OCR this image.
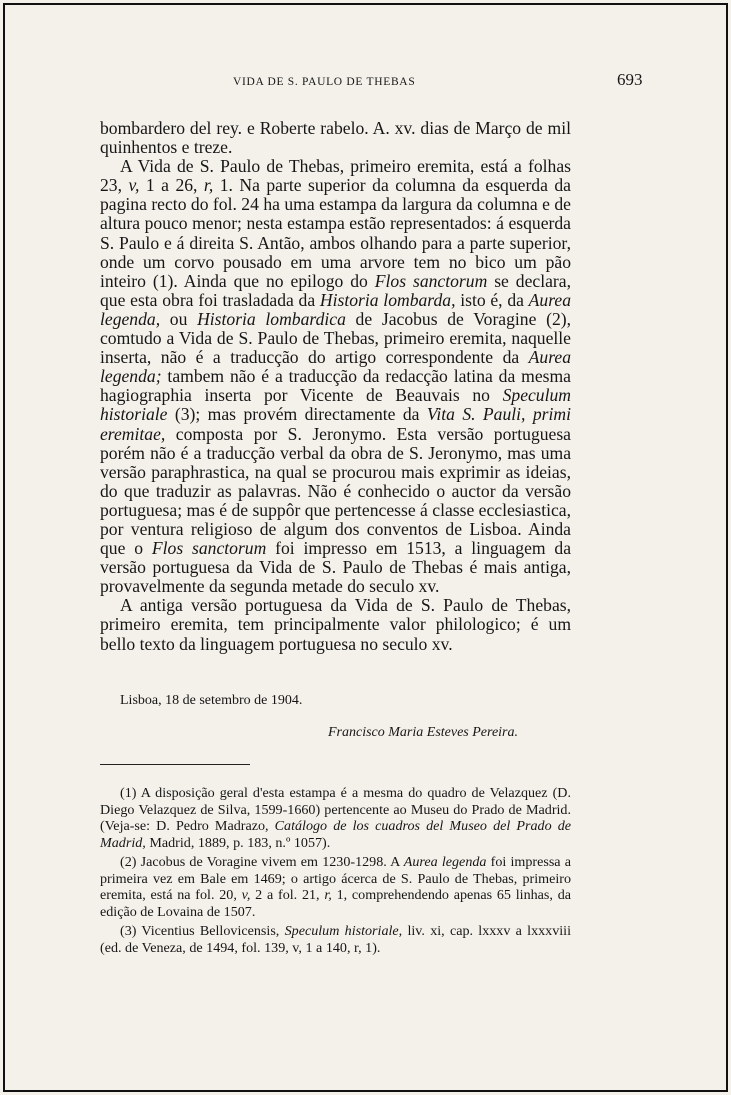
VIDA DE S. PAULO DE THEBAS	693

bombardero del rey. e Roberte rabelo. A. xv. dias de Março de mil quinhentos e treze.

A Vida de S. Paulo de Thebas, primeiro eremita, está a folhas 23, v, 1 a 26, r, 1. Na parte superior da columna da esquerda da pagina recto do fol. 24 ha uma estampa da largura da columna e de altura pouco menor; nesta estampa estão representados: á esquerda S. Paulo e á direita S. Antão, ambos olhando para a parte superior, onde um corvo pousado em uma arvore tem no bico um pão inteiro (1). Ainda que no epilogo do Flos sanctorum se declara, que esta obra foi trasladada da Historia lombarda, isto é, da Aurea legenda, ou Historia lombardica de Jacobus de Voragine (2), comtudo a Vida de S. Paulo de Thebas, primeiro eremita, naquelle inserta, não é a traducção do artigo correspondente da Aurea legenda; tambem não é a traducção da redacção latina da mesma hagiographia inserta por Vicente de Beauvais no Speculum historiale (3); mas provém directamente da Vita S. Pauli, primi eremitae, composta por S. Jeronymo. Esta versão portuguesa porém não é a traducção verbal da obra de S. Jeronymo, mas uma versão paraphrastica, na qual se procurou mais exprimir as ideias, do que traduzir as palavras. Não é conhecido o auctor da versão portuguesa; mas é de suppôr que pertencesse á classe ecclesiastica, por ventura religioso de algum dos conventos de Lisboa. Ainda que o Flos sanctorum foi impresso em 1513, a linguagem da versão portuguesa da Vida de S. Paulo de Thebas é mais antiga, provavelmente da segunda metade do seculo xv.

A antiga versão portuguesa da Vida de S. Paulo de Thebas, primeiro eremita, tem principalmente valor philologico; é um bello texto da linguagem portuguesa no seculo xv.

Lisboa, 18 de setembro de 1904.
Francisco Maria Esteves Pereira.

(1) A disposição geral d'esta estampa é a mesma do quadro de Velazquez (D. Diego Velazquez de Silva, 1599-1660) pertencente ao Museu do Prado de Madrid. (Veja-se: D. Pedro Madrazo, Catálogo de los cuadros del Museo del Prado de Madrid, Madrid, 1889, p. 183, n.º 1057).

(2) Jacobus de Voragine vivem em 1230-1298. A Aurea legenda foi impressa a primeira vez em Bale em 1469; o artigo ácerca de S. Paulo de Thebas, primeiro eremita, está na fol. 20, v, 2 a fol. 21, r, 1, comprehendendo apenas 65 linhas, da edição de Lovaina de 1507.

(3) Vicentius Bellovicensis, Speculum historiale, liv. xi, cap. lxxxv a lxxxviii (ed. de Veneza, de 1494, fol. 139, v, 1 a 140, r, 1).
